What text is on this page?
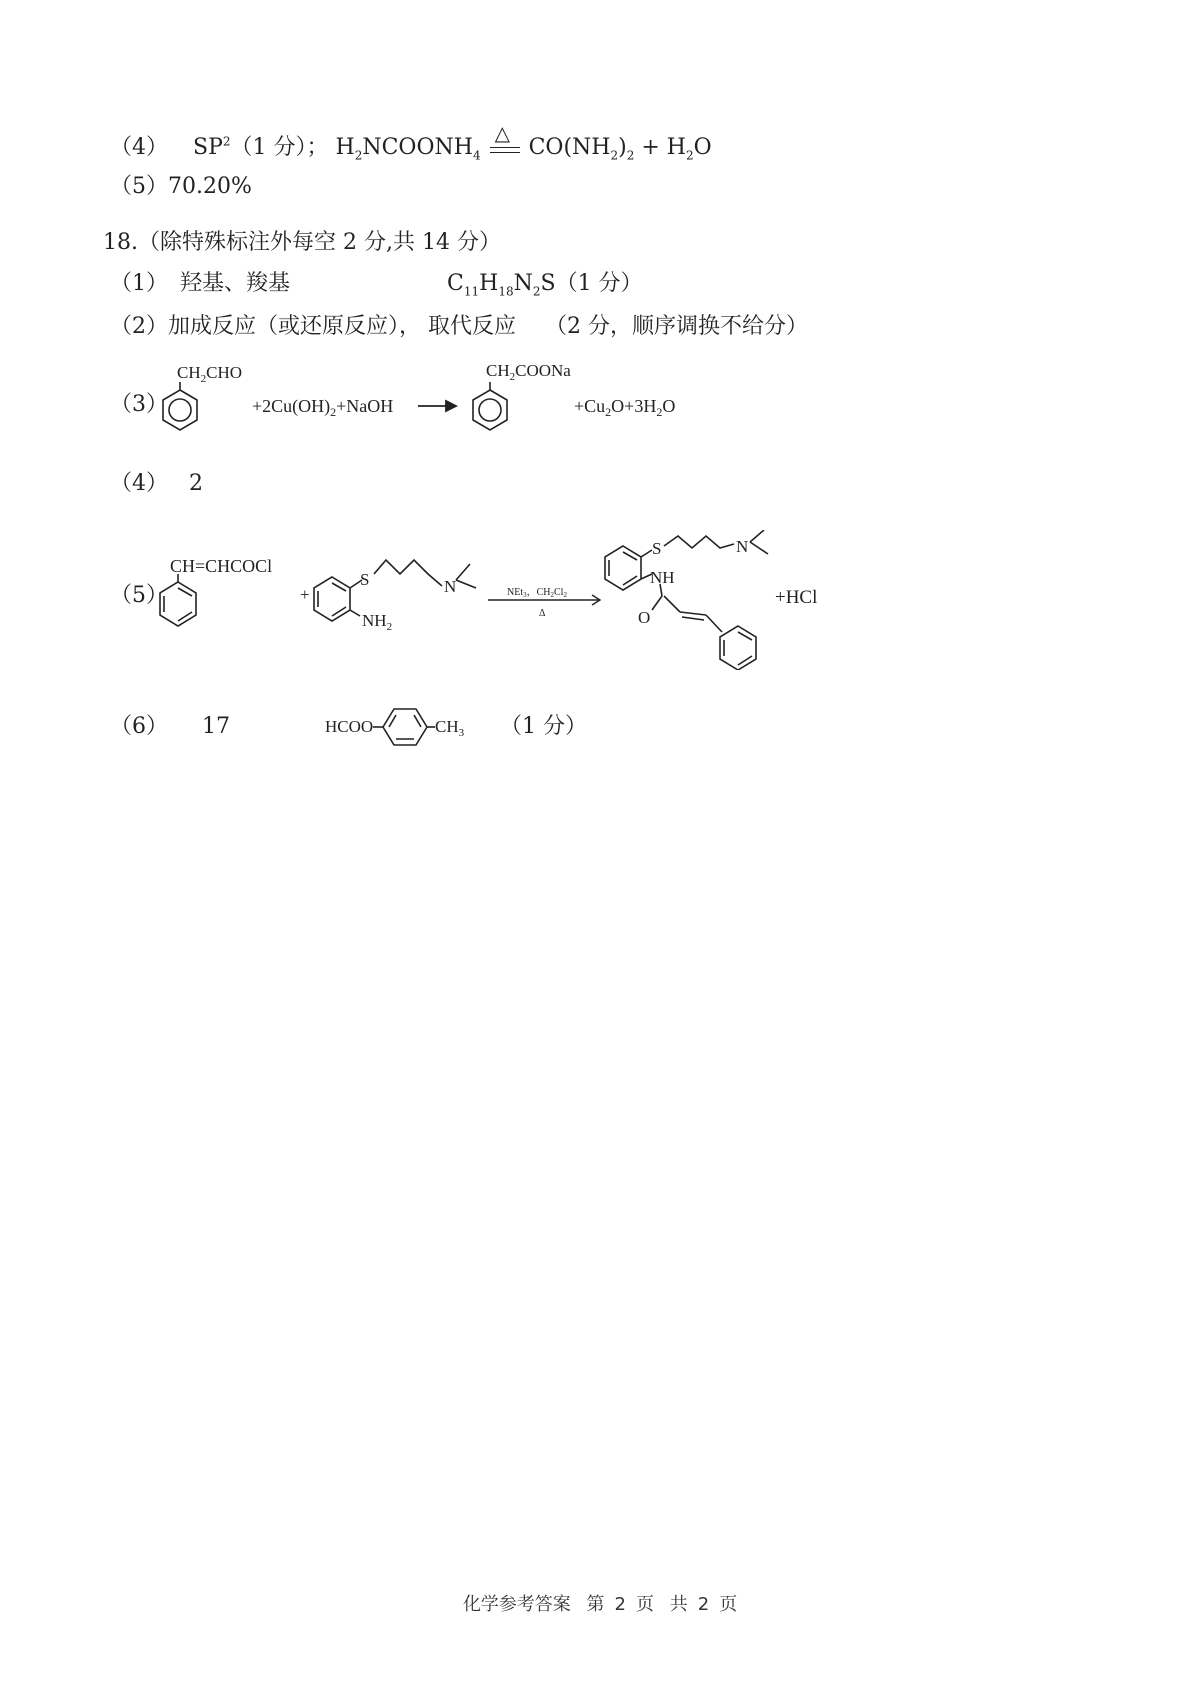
（4） $SP^2(1$ 分）； $H_2NCOONH_4$
△
$CO(NH_2)_2 + H_2O$
（5）70.20%
18.（除特殊标注外每空 2 分,共 14 分）
（1） 羟基、羧基	$C_{11}H_{18}N_2S(1$ 分）
（2）加成反应（或还原反应）， 取代反应 （2 分，顺序调换不给分）
（3）
$CH_2CHO$
$+2Cu(OH)_2+NaOH$
$CH_2COONa$
$+Cu_2O+3H_2O$
（4） 2
（5）
CH=CHCOCl
+
S	N
$NH_2$
NEt$_3$，$CH_2Cl_2$
Δ
S	N
NH
O
+HCl
（6） 17	HCOO	$CH_3$ （1 分）
化学参考答案 第 2 页 共 2 页
